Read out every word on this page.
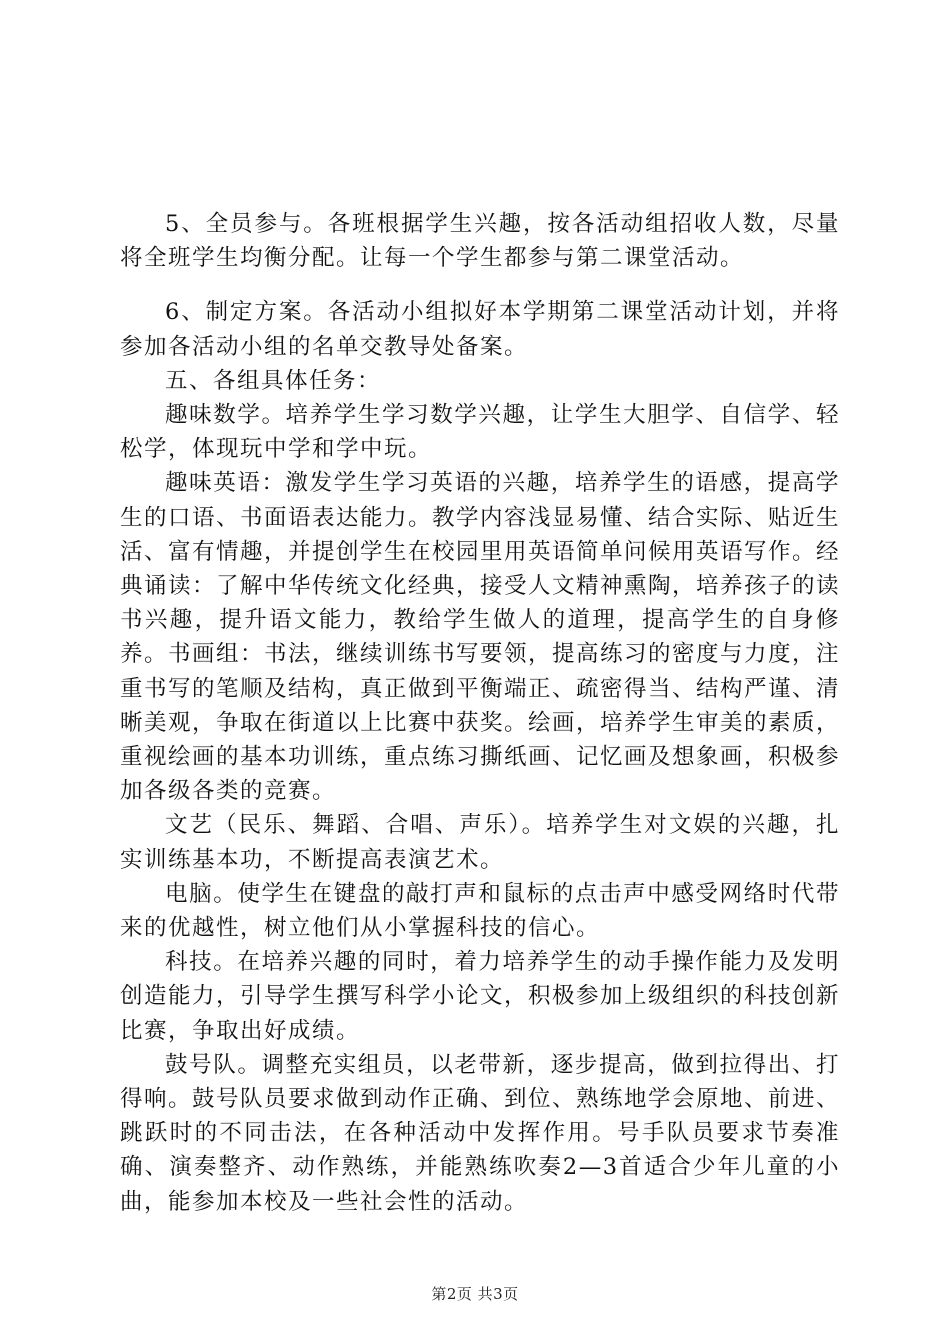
5、全员参与。各班根据学生兴趣，按各活动组招收人数，尽量将全班学生均衡分配。让每一个学生都参与第二课堂活动。

6、制定方案。各活动小组拟好本学期第二课堂活动计划，并将参加各活动小组的名单交教导处备案。

五、各组具体任务：

趣味数学。培养学生学习数学兴趣，让学生大胆学、自信学、轻松学，体现玩中学和学中玩。

趣味英语：激发学生学习英语的兴趣，培养学生的语感，提高学生的口语、书面语表达能力。教学内容浅显易懂、结合实际、贴近生活、富有情趣，并提创学生在校园里用英语简单问候用英语写作。经典诵读：了解中华传统文化经典，接受人文精神熏陶，培养孩子的读书兴趣，提升语文能力，教给学生做人的道理，提高学生的自身修养。书画组：书法，继续训练书写要领，提高练习的密度与力度，注重书写的笔顺及结构，真正做到平衡端正、疏密得当、结构严谨、清晰美观，争取在街道以上比赛中获奖。绘画，培养学生审美的素质，重视绘画的基本功训练，重点练习撕纸画、记忆画及想象画，积极参加各级各类的竞赛。

文艺（民乐、舞蹈、合唱、声乐）。培养学生对文娱的兴趣，扎实训练基本功，不断提高表演艺术。

电脑。使学生在键盘的敲打声和鼠标的点击声中感受网络时代带来的优越性，树立他们从小掌握科技的信心。

科技。在培养兴趣的同时，着力培养学生的动手操作能力及发明创造能力，引导学生撰写科学小论文，积极参加上级组织的科技创新比赛，争取出好成绩。

鼓号队。调整充实组员，以老带新，逐步提高，做到拉得出、打得响。鼓号队员要求做到动作正确、到位、熟练地学会原地、前进、跳跃时的不同击法，在各种活动中发挥作用。号手队员要求节奏准确、演奏整齐、动作熟练，并能熟练吹奏2—3首适合少年儿童的小曲，能参加本校及一些社会性的活动。

第2页 共3页
